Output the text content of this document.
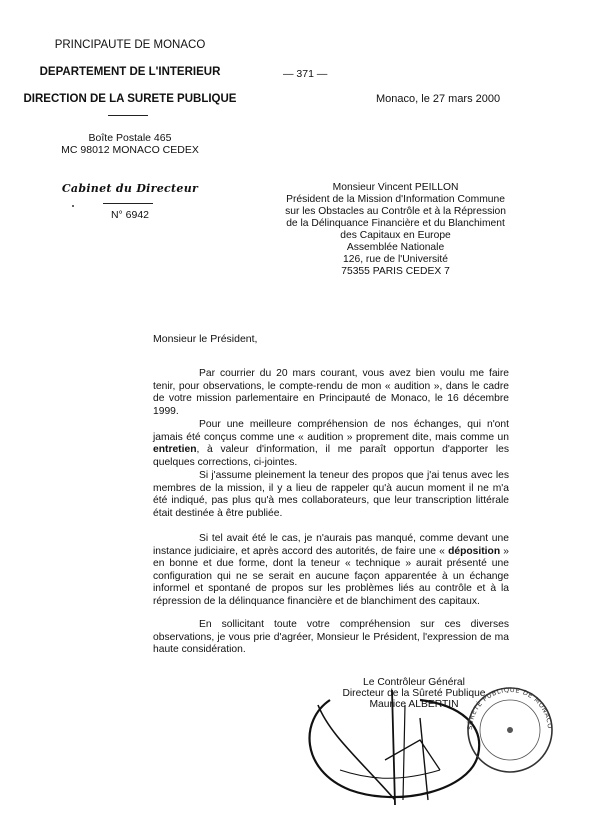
PRINCIPAUTE DE MONACO
DEPARTEMENT DE L'INTERIEUR
DIRECTION DE LA SURETE PUBLIQUE
Boîte Postale 465
MC 98012 MONACO CEDEX
Cabinet du Directeur
N° 6942
— 371 —
Monaco, le 27 mars 2000
Monsieur Vincent PEILLON
Président de la Mission d'Information Commune
sur les Obstacles au Contrôle et à la Répression
de la Délinquance Financière et du Blanchiment
des Capitaux en Europe
Assemblée Nationale
126, rue de l'Université
75355 PARIS CEDEX 7
Monsieur le Président,
Par courrier du 20 mars courant, vous avez bien voulu me faire tenir, pour observations, le compte-rendu de mon « audition », dans le cadre de votre mission parlementaire en Principauté de Monaco, le 16 décembre 1999.
Pour une meilleure compréhension de nos échanges, qui n'ont jamais été conçus comme une « audition » proprement dite, mais comme un entretien, à valeur d'information, il me paraît opportun d'apporter les quelques corrections, ci-jointes.
Si j'assume pleinement la teneur des propos que j'ai tenus avec les membres de la mission, il y a lieu de rappeler qu'à aucun moment il ne m'a été indiqué, pas plus qu'à mes collaborateurs, que leur transcription littérale était destinée à être publiée.
Si tel avait été le cas, je n'aurais pas manqué, comme devant une instance judiciaire, et après accord des autorités, de faire une « déposition » en bonne et due forme, dont la teneur « technique » aurait présenté une configuration qui ne se serait en aucune façon apparentée à un échange informel et spontané de propos sur les problèmes liés au contrôle et à la répression de la délinquance financière et de blanchiment des capitaux.
En sollicitant toute votre compréhension sur ces diverses observations, je vous prie d'agréer, Monsieur le Président, l'expression de ma haute considération.
SÛRETÉ PUBLIQUE DE MONACO
Le Contrôleur Général
Directeur de la Sûreté Publique
Maurice ALBERTIN
